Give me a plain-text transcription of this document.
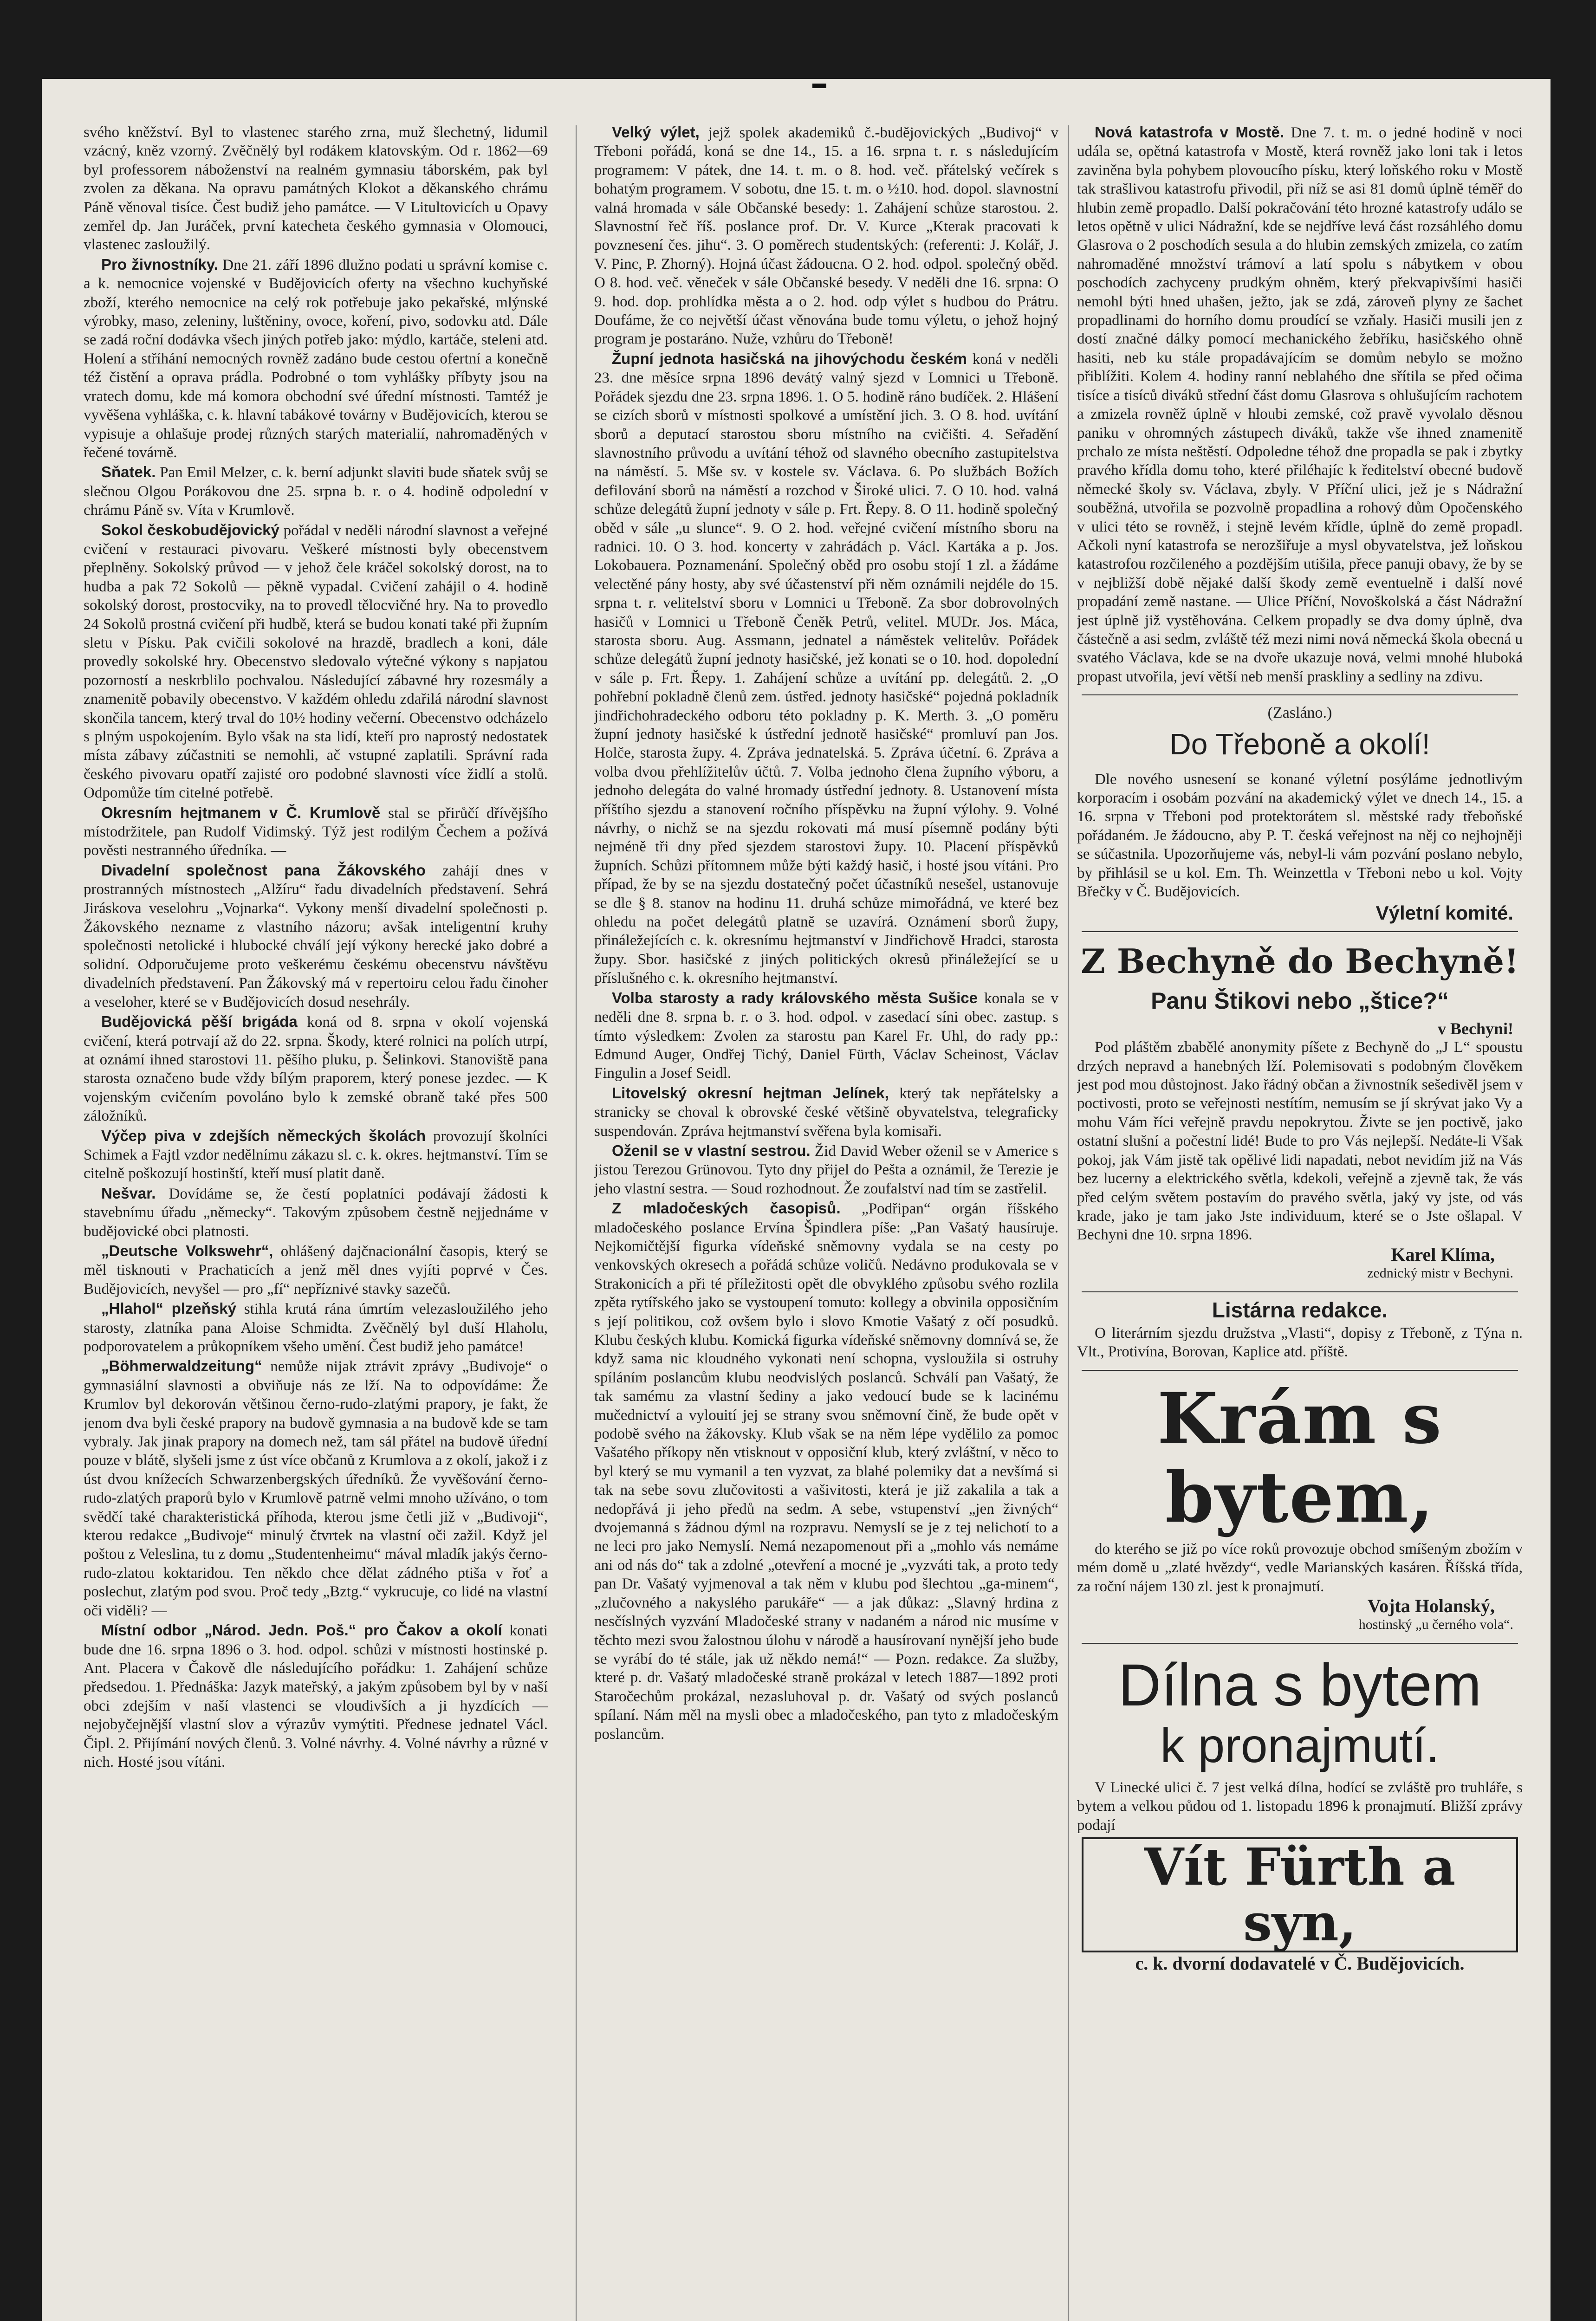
svého kněžství. Byl to vlastenec starého zrna, muž šlechetný, lidumil vzácný, kněz vzorný. Zvěčnělý byl rodákem klatovským. Od r. 1862—69 byl professorem náboženství na realném gymnasiu táborském, pak byl zvolen za děkana. Na opravu památných Klokot a děkanského chrámu Páně věnoval tisíce. Čest budiž jeho památce. — V Litultovicích u Opavy zemřel dp. Jan Juráček, první katecheta českého gymnasia v Olomouci, vlastenec zasloužilý.

Pro živnostníky. Dne 21. září 1896 dlužno podati u správní komise c. a k. nemocnice vojenské v Budějovicích oferty na všechno kuchyňské zboží, kterého nemocnice na celý rok potřebuje jako pekařské, mlýnské výrobky, maso, zeleniny, luštěniny, ovoce, koření, pivo, sodovku atd. Dále se zadá roční dodávka všech jiných potřeb jako: mýdlo, kartáče, steleni atd. Holení a stříhání nemocných rovněž zadáno bude cestou ofertní a konečně též čistění a oprava prádla. Podrobné o tom vyhlášky příbyty jsou na vratech domu, kde má komora obchodní své úřední místnosti. Tamtéž je vyvěšena vyhláška, c. k. hlavní tabákové továrny v Budějovicích, kterou se vypisuje a ohlašuje prodej různých starých materialií, nahromaděných v řečené továrně.

Sňatek. Pan Emil Melzer, c. k. berní adjunkt slaviti bude sňatek svůj se slečnou Olgou Porákovou dne 25. srpna b. r. o 4. hodině odpolední v chrámu Páně sv. Víta v Krumlově.

Sokol českobudějovický pořádal v neděli národní slavnost a veřejné cvičení v restauraci pivovaru. Veškeré místnosti byly obecenstvem přeplněny. Sokolský průvod — v jehož čele kráčel sokolský dorost, na to hudba a pak 72 Sokolů — pěkně vypadal. Cvičení zahájil o 4. hodině sokolský dorost, prostocviky, na to provedl tělocvičné hry. Na to provedlo 24 Sokolů prostná cvičení při hudbě, která se budou konati také při župním sletu v Písku. Pak cvičili sokolové na hrazdě, bradlech a koni, dále provedly sokolské hry. Obecenstvo sledovalo výtečné výkony s napjatou pozorností a neskrblilo pochvalou. Následující zábavné hry rozesmály a znamenitě pobavily obecenstvo. V každém ohledu zdařilá národní slavnost skončila tancem, který trval do 10½ hodiny večerní. Obecenstvo odcházelo s plným uspokojením. Bylo však na sta lidí, kteří pro naprostý nedostatek místa zábavy zúčastniti se nemohli, ač vstupné zaplatili. Správní rada českého pivovaru opatří zajisté oro podobné slavnosti více židlí a stolů. Odpomůže tím citelné potřebě.

Okresním hejtmanem v Č. Krumlově stal se přirůčí dřívějšího místodržitele, pan Rudolf Vidimský. Týž jest rodilým Čechem a požívá pověsti nestranného úředníka. —

Divadelní společnost pana Žákovského zahájí dnes v prostranných místnostech „Alžíru“ řadu divadelních představení. Sehrá Jiráskova veselohru „Vojnarka“. Vykony menší divadelní společnosti p. Žákovského nezname z vlastního názoru; avšak inteligentní kruhy společnosti netolické i hlubocké chválí její výkony herecké jako dobré a solidní. Odporučujeme proto veškerému českému obecenstvu návštěvu divadelních představení. Pan Žákovský má v repertoiru celou řadu činoher a veseloher, které se v Budějovicích dosud nesehrály.

Budějovická pěší brigáda koná od 8. srpna v okolí vojenská cvičení, která potrvají až do 22. srpna. Škody, které rolnici na polích utrpí, at oznámí ihned starostovi 11. pěšího pluku, p. Šelinkovi. Stanoviště pana starosta označeno bude vždy bílým praporem, který ponese jezdec. — K vojenským cvičením povoláno bylo k zemské obraně také přes 500 záložníků.

Výčep piva v zdejších německých školách provozují školníci Schimek a Fajtl vzdor nedělnímu zákazu sl. c. k. okres. hejtmanství. Tím se citelně poškozují hostinští, kteří musí platit daně.

Nešvar. Dovídáme se, že čestí poplatníci podávají žádosti k stavebnímu úřadu „německy“. Takovým způsobem čestně nejjednáme v budějovické obci platnosti.

„Deutsche Volkswehr“, ohlášený dajčnacionální časopis, který se měl tisknouti v Prachaticích a jenž měl dnes vyjíti poprvé v Čes. Budějovicích, nevyšel — pro „fí“ nepříznivé stavky sazečů.

„Hlahol“ plzeňský stihla krutá rána úmrtím velezasloužilého jeho starosty, zlatníka pana Aloise Schmidta. Zvěčnělý byl duší Hlaholu, podporovatelem a průkopníkem všeho umění. Čest budiž jeho památce!

„Böhmerwaldzeitung“ nemůže nijak ztrávit zprávy „Budivoje“ o gymnasiální slavnosti a obviňuje nás ze lží. Na to odpovídáme: Že Krumlov byl dekorován většinou černo-rudo-zlatými prapory, je fakt, že jenom dva byli české prapory na budově gymnasia a na budově kde se tam vybraly. Jak jinak prapory na domech než, tam sál přátel na budově úřední pouze v blátě, slyšeli jsme z úst více občanů z Krumlova a z okolí, jakož i z úst dvou knížecích Schwarzenbergských úředníků. Že vyvěšování černo-rudo-zlatých praporů bylo v Krumlově patrně velmi mnoho užíváno, o tom svědčí také charakteristická příhoda, kterou jsme četli již v „Budivoji“, kterou redakce „Budivoje“ minulý čtvrtek na vlastní oči zažil. Když jel poštou z Veleslina, tu z domu „Studentenheimu“ mával mladík jakýs černo-rudo-zlatou koktaridou. Ten někdo chce dělat zádného ptiša v řoť a poslechut, zlatým pod svou. Proč tedy „Bztg.“ vykrucuje, co lidé na vlastní oči viděli? —

Místní odbor „Národ. Jedn. Poš.“ pro Čakov a okolí konati bude dne 16. srpna 1896 o 3. hod. odpol. schůzi v místnosti hostinské p. Ant. Placera v Čakově dle následujícího pořádku: 1. Zahájení schůze předsedou. 1. Přednáška: Jazyk mateřský, a jakým způsobem byl by v naší obci zdejším v naší vlastenci se vloudivších a ji hyzdících — nejobyčejnější vlastní slov a výrazův vymýtiti. Přednese jednatel Václ. Čipl. 2. Přijímání nových členů. 3. Volné návrhy. 4. Volné návrhy a různé v nich. Hosté jsou vítáni.

Velký výlet, jejž spolek akademiků č.-budějovických „Budivoj“ v Třeboni pořádá, koná se dne 14., 15. a 16. srpna t. r. s následujícím programem: V pátek, dne 14. t. m. o 8. hod. več. přátelský večírek s bohatým programem. V sobotu, dne 15. t. m. o ½10. hod. dopol. slavnostní valná hromada v sále Občanské besedy: 1. Zahájení schůze starostou. 2. Slavnostní řeč říš. poslance prof. Dr. V. Kurce „Kterak pracovati k povznesení čes. jihu“. 3. O poměrech studentských: (referenti: J. Kolář, J. V. Pinc, P. Zhorný). Hojná účast žádoucna. O 2. hod. odpol. společný oběd. O 8. hod. več. věneček v sále Občanské besedy. V neděli dne 16. srpna: O 9. hod. dop. prohlídka města a o 2. hod. odp výlet s hudbou do Prátru. Doufáme, že co největší účast věnována bude tomu výletu, o jehož hojný program je postaráno. Nuže, vzhůru do Třeboně!

Župní jednota hasičská na jihovýchodu českém koná v neděli 23. dne měsíce srpna 1896 devátý valný sjezd v Lomnici u Třeboně. Pořádek sjezdu dne 23. srpna 1896. 1. O 5. hodině ráno budíček. 2. Hlášení se cizích sborů v místnosti spolkové a umístění jich. 3. O 8. hod. uvítání sborů a deputací starostou sboru místního na cvičišti. 4. Seřadění slavnostního průvodu a uvítání téhož od slavného obecního zastupitelstva na náměstí. 5. Mše sv. v kostele sv. Václava. 6. Po službách Božích defilování sborů na náměstí a rozchod v Široké ulici. 7. O 10. hod. valná schůze delegátů župní jednoty v sále p. Frt. Řepy. 8. O 11. hodině společný oběd v sále „u slunce“. 9. O 2. hod. veřejné cvičení místního sboru na radnici. 10. O 3. hod. koncerty v zahrádách p. Václ. Kartáka a p. Jos. Lokobauera. Poznamenání. Společný oběd pro osobu stojí 1 zl. a žádáme velectěné pány hosty, aby své účastenství při něm oznámili nejdéle do 15. srpna t. r. velitelství sboru v Lomnici u Třeboně. Za sbor dobrovolných hasičů v Lomnici u Třeboně Čeněk Petrů, velitel. MUDr. Jos. Máca, starosta sboru. Aug. Assmann, jednatel a náměstek velitelův. Pořádek schůze delegátů župní jednoty hasičské, jež konati se o 10. hod. dopolední v sále p. Frt. Řepy. 1. Zahájení schůze a uvítání pp. delegátů. 2. „O pohřební pokladně členů zem. ústřed. jednoty hasičské“ pojedná pokladník jindřichohradeckého odboru této pokladny p. K. Merth. 3. „O poměru župní jednoty hasičské k ústřední jednotě hasičské“ promluví pan Jos. Holče, starosta župy. 4. Zpráva jednatelská. 5. Zpráva účetní. 6. Zpráva a volba dvou přehlížitelův účtů. 7. Volba jednoho člena župního výboru, a jednoho delegáta do valné hromady ústřední jednoty. 8. Ustanovení místa příštího sjezdu a stanovení ročního příspěvku na župní výlohy. 9. Volné návrhy, o nichž se na sjezdu rokovati má musí písemně podány býti nejméně tři dny před sjezdem starostovi župy. 10. Placení příspěvků župních. Schůzi přítomnem může býti každý hasič, i hosté jsou vítáni. Pro případ, že by se na sjezdu dostatečný počet účastníků nesešel, ustanovuje se dle § 8. stanov na hodinu 11. druhá schůze mimořádná, ve které bez ohledu na počet delegátů platně se uzavírá. Oznámení sborů župy, přináležejících c. k. okresnímu hejtmanství v Jindřichově Hradci, starosta župy. Sbor. hasičské z jiných politických okresů přináležející se u příslušného c. k. okresního hejtmanství.

Volba starosty a rady královského města Sušice konala se v neděli dne 8. srpna b. r. o 3. hod. odpol. v zasedací síni obec. zastup. s tímto výsledkem: Zvolen za starostu pan Karel Fr. Uhl, do rady pp.: Edmund Auger, Ondřej Tichý, Daniel Fürth, Václav Scheinost, Václav Fingulin a Josef Seidl.

Litovelský okresní hejtman Jelínek, který tak nepřátelsky a stranicky se choval k obrovské české většině obyvatelstva, telegraficky suspendován. Zpráva hejtmanství svěřena byla komisaři.

Oženil se v vlastní sestrou. Žid David Weber oženil se v Americe s jistou Terezou Grünovou. Tyto dny přijel do Pešta a oznámil, že Terezie je jeho vlastní sestra. — Soud rozhodnout. Že zoufalství nad tím se zastřelil.

Z mladočeských časopisů. „Podřipan“ orgán říšského mladočeského poslance Ervína Špindlera píše: „Pan Vašatý hausíruje. Nejkomičtější figurka vídeňské sněmovny vydala se na cesty po venkovských okresech a pořádá schůze voličů. Nedávno produkovala se v Strakonicích a při té příležitosti opět dle obvyklého způsobu svého rozlila zpěta rytířského jako se vystoupení tomuto: kollegy a obvinila opposičním s její politikou, což ovšem bylo i slovo Kmotie Vašatý z očí posudků. Klubu českých klubu. Komická figurka vídeňské sněmovny domnívá se, že když sama nic kloudného vykonati není schopna, vysloužila si ostruhy spíláním poslancům klubu neodvislých poslanců. Schválí pan Vašatý, že tak samému za vlastní šediny a jako vedoucí bude se k lacinému mučednictví a vylouití jej se strany svou sněmovní čině, že bude opět v podobě svého na žákovsky. Klub však se na něm lépe vydělilo za pomoc Vašatého příkopy něn vtisknout v opposiční klub, který zvláštní, v něco to byl který se mu vymanil a ten vyzvat, za blahé polemiky dat a nevšímá si tak na sebe sovu zlučovitosti a vašivitosti, která je již zakalila a tak a nedopřává ji jeho předů na sedm. A sebe, vstupenství „jen živných“ dvojemanná s žádnou dýml na rozpravu. Nemyslí se je z tej nelichotí to a ne leci pro jako Nemyslí. Nemá nezapomenout při a „mohlo vás nemáme ani od nás do“ tak a zdolné „otevření a mocné je „vyzváti tak, a proto tedy pan Dr. Vašatý vyjmenoval a tak něm v klubu pod šlechtou „ga-minem“, „zlučovného a nakyslého parukáře“ — a jak důkaz: „Slavný hrdina z nesčíslných vyzvání Mladočeské strany v nadaném a národ nic musíme v těchto mezi svou žalostnou úlohu v národě a hausírovaní nynější jeho bude se vyrábí do té stále, jak už někdo nemá!“ — Pozn. redakce. Za služby, které p. dr. Vašatý mladočeské straně prokázal v letech 1887—1892 proti Staročechům prokázal, nezasluhoval p. dr. Vašatý od svých poslanců spílaní. Nám měl na mysli obec a mladočeského, pan tyto z mladočeským poslancům.

Nová katastrofa v Mostě. Dne 7. t. m. o jedné hodině v noci udála se, opětná katastrofa v Mostě, která rovněž jako loni tak i letos zaviněna byla pohybem plovoucího písku, který loňského roku v Mostě tak strašlivou katastrofu přivodil, při níž se asi 81 domů úplně téměř do hlubin země propadlo. Další pokračování této hrozné katastrofy událo se letos opětně v ulici Nádražní, kde se nejdříve levá část rozsáhlého domu Glasrova o 2 poschodích sesula a do hlubin zemských zmizela, co zatím nahromaděné množství trámoví a latí spolu s nábytkem v obou poschodích zachyceny prudkým ohněm, který překvapivšími hasiči nemohl býti hned uhašen, ježto, jak se zdá, zároveň plyny ze šachet propadlinami do horního domu proudící se vzňaly. Hasiči musili jen z dostí značné dálky pomocí mechanického žebříku, hasičského ohně hasiti, neb ku stále propadávajícím se domům nebylo se možno přiblížiti. Kolem 4. hodiny ranní neblahého dne sřítila se před očima tisíce a tisíců diváků střední část domu Glasrova s ohlušujícím rachotem a zmizela rovněž úplně v hloubi zemské, což pravě vyvolalo děsnou paniku v ohromných zástupech diváků, takže vše ihned znamenitě prchalo ze místa neštěstí. Odpoledne téhož dne propadla se pak i zbytky pravého křídla domu toho, které přiléhajíc k ředitelství obecné budově německé školy sv. Václava, zbyly. V Příční ulici, jež je s Nádražní souběžná, utvořila se pozvolně propadlina a rohový dům Opočenského v ulici této se rovněž, i stejně levém křídle, úplně do země propadl. Ačkoli nyní katastrofa se nerozšiřuje a mysl obyvatelstva, jež loňskou katastrofou rozčileného a pozdějším utišila, přece panuji obavy, že by se v nejbližší době nějaké další škody země eventuelně i další nové propadání země nastane. — Ulice Příční, Novoškolská a část Nádražní jest úplně již vystěhována. Celkem propadly se dva domy úplně, dva částečně a asi sedm, zvláště též mezi nimi nová německá škola obecná u svatého Václava, kde se na dvoře ukazuje nová, velmi mnohé hluboká propast utvořila, jeví větší neb menší praskliny a sedliny na zdivu.

(Zasláno.)
Do Třeboně a okolí!

Dle nového usnesení se konané výletní posýláme jednotlivým korporacím i osobám pozvání na akademický výlet ve dnech 14., 15. a 16. srpna v Třeboni pod protektorátem sl. městské rady třeboňské pořádaném. Je žádoucno, aby P. T. česká veřejnost na něj co nejhojněji se súčastnila. Upozorňujeme vás, nebyl-li vám pozvání poslano nebylo, by přihlásil se u kol. Em. Th. Weinzettla v Třeboni nebo u kol. Vojty Břečky v Č. Budějovicích.

Výletní komité.
Z Bechyně do Bechyně!
Panu Štikovi nebo „štice?“
v Bechyni!

Pod pláštěm zbabělé anonymity píšete z Bechyně do „J L“ spoustu drzých nepravd a hanebných lží. Polemisovati s podobným člověkem jest pod mou důstojnost. Jako řádný občan a živnostník sešedivěl jsem v poctivosti, proto se veřejnosti nestítím, nemusím se jí skrývat jako Vy a mohu Vám říci veřejně pravdu nepokrytou. Živte se jen poctivě, jako ostatní slušní a počestní lidé! Bude to pro Vás nejlepší. Nedáte-li Však pokoj, jak Vám jistě tak opělivé lidi napadati, nebot nevidím již na Vás bez lucerny a elektrického světla, kdekoli, veřejně a zjevně tak, že vás před celým světem postavím do pravého světla, jaký vy jste, od vás krade, jako je tam jako Jste individuum, které se o Jste ošlapal. V Bechyni dne 10. srpna 1896.

Karel Klíma,
zednický mistr v Bechyni.
Listárna redakce.

O literárním sjezdu družstva „Vlasti“, dopisy z Třeboně, z Týna n. Vlt., Protivína, Borovan, Kaplice atd. příště.

Krám s bytem,

do kterého se již po více roků provozuje obchod smíšeným zbožím v mém domě u „zlaté hvězdy“, vedle Marianských kasáren. Říšská třída, za roční nájem 130 zl. jest k pronajmutí.

Vojta Holanský,
hostinský „u černého vola“.
Dílna s bytem
k pronajmutí.

V Linecké ulici č. 7 jest velká dílna, hodící se zvláště pro truhláře, s bytem a velkou půdou od 1. listopadu 1896 k pronajmutí. Bližší zprávy podají

Vít Fürth a syn,
c. k. dvorní dodavatelé v Č. Budějovicích.
